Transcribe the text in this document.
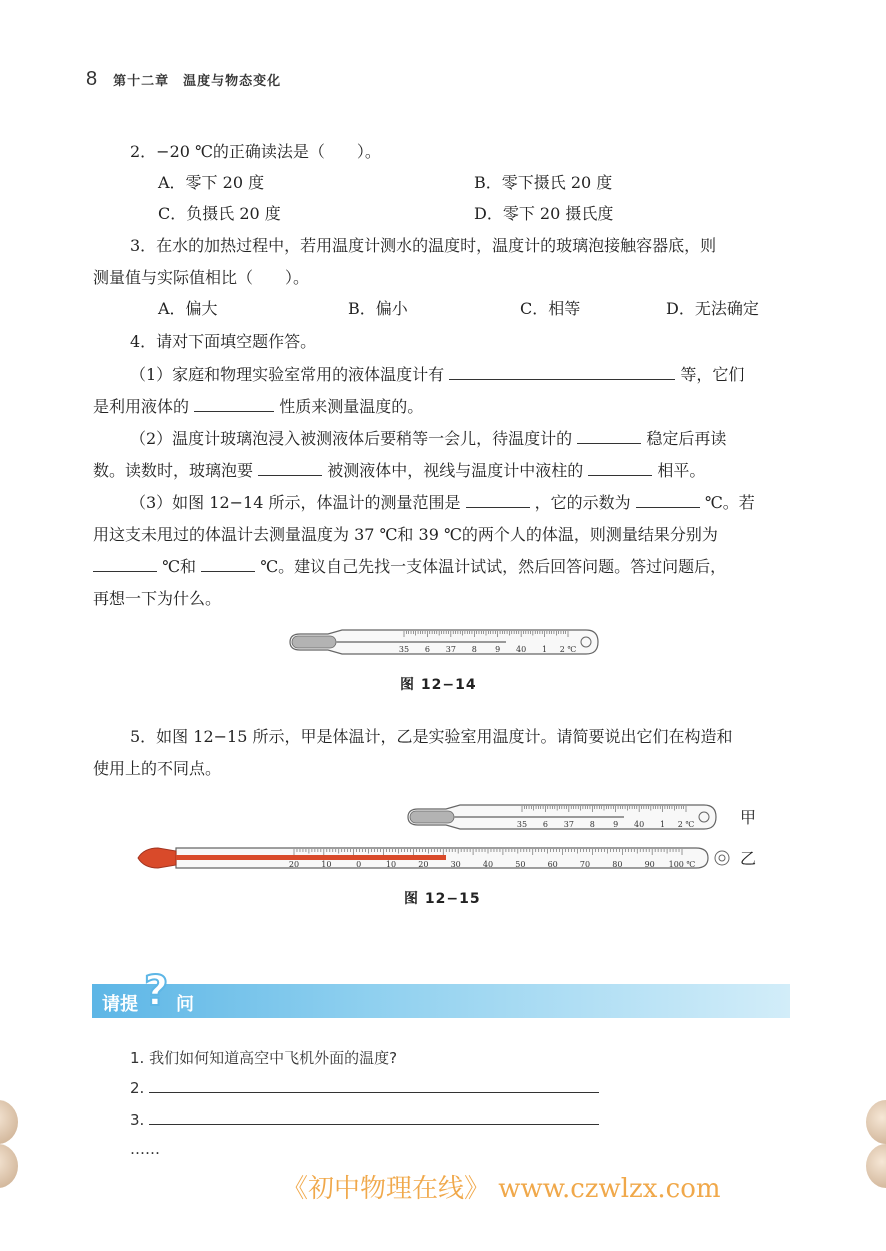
8 第十二章　温度与物态变化
2．−20 ℃的正确读法是（　　）。
A．零下 20 度	B．零下摄氏 20 度
C．负摄氏 20 度	D．零下 20 摄氏度
3．在水的加热过程中，若用温度计测水的温度时，温度计的玻璃泡接触容器底，则
测量值与实际值相比（　　）。
A．偏大	B．偏小	C．相等	D．无法确定
4．请对下面填空题作答。
（1）家庭和物理实验室常用的液体温度计有	等，它们
是利用液体的	性质来测量温度的。
（2）温度计玻璃泡浸入被测液体后要稍等一会儿，待温度计的	稳定后再读
数。读数时，玻璃泡要	被测液体中，视线与温度计中液柱的	相平。
（3）如图 12−14 所示，体温计的测量范围是	，它的示数为	℃。若
用这支未甩过的体温计去测量温度为 37 ℃和 39 ℃的两个人的体温，则测量结果分别为
℃和	℃。建议自己先找一支体温计试试，然后回答问题。答过问题后，
再想一下为什么。
35 6 37 8 9 40 1 2 ℃
图 12−14
5．如图 12−15 所示，甲是体温计，乙是实验室用温度计。请简要说出它们在构造和
使用上的不同点。
35 6 37 8 9 40 1 2 ℃	甲
20	10	0	10	20	30	40	50	60	70	80	90 100 ℃	乙
图 12−15
请提 ? 问
1. 我们如何知道高空中飞机外面的温度?
2.
3.
……
《初中物理在线》 www.czwlzx.com
